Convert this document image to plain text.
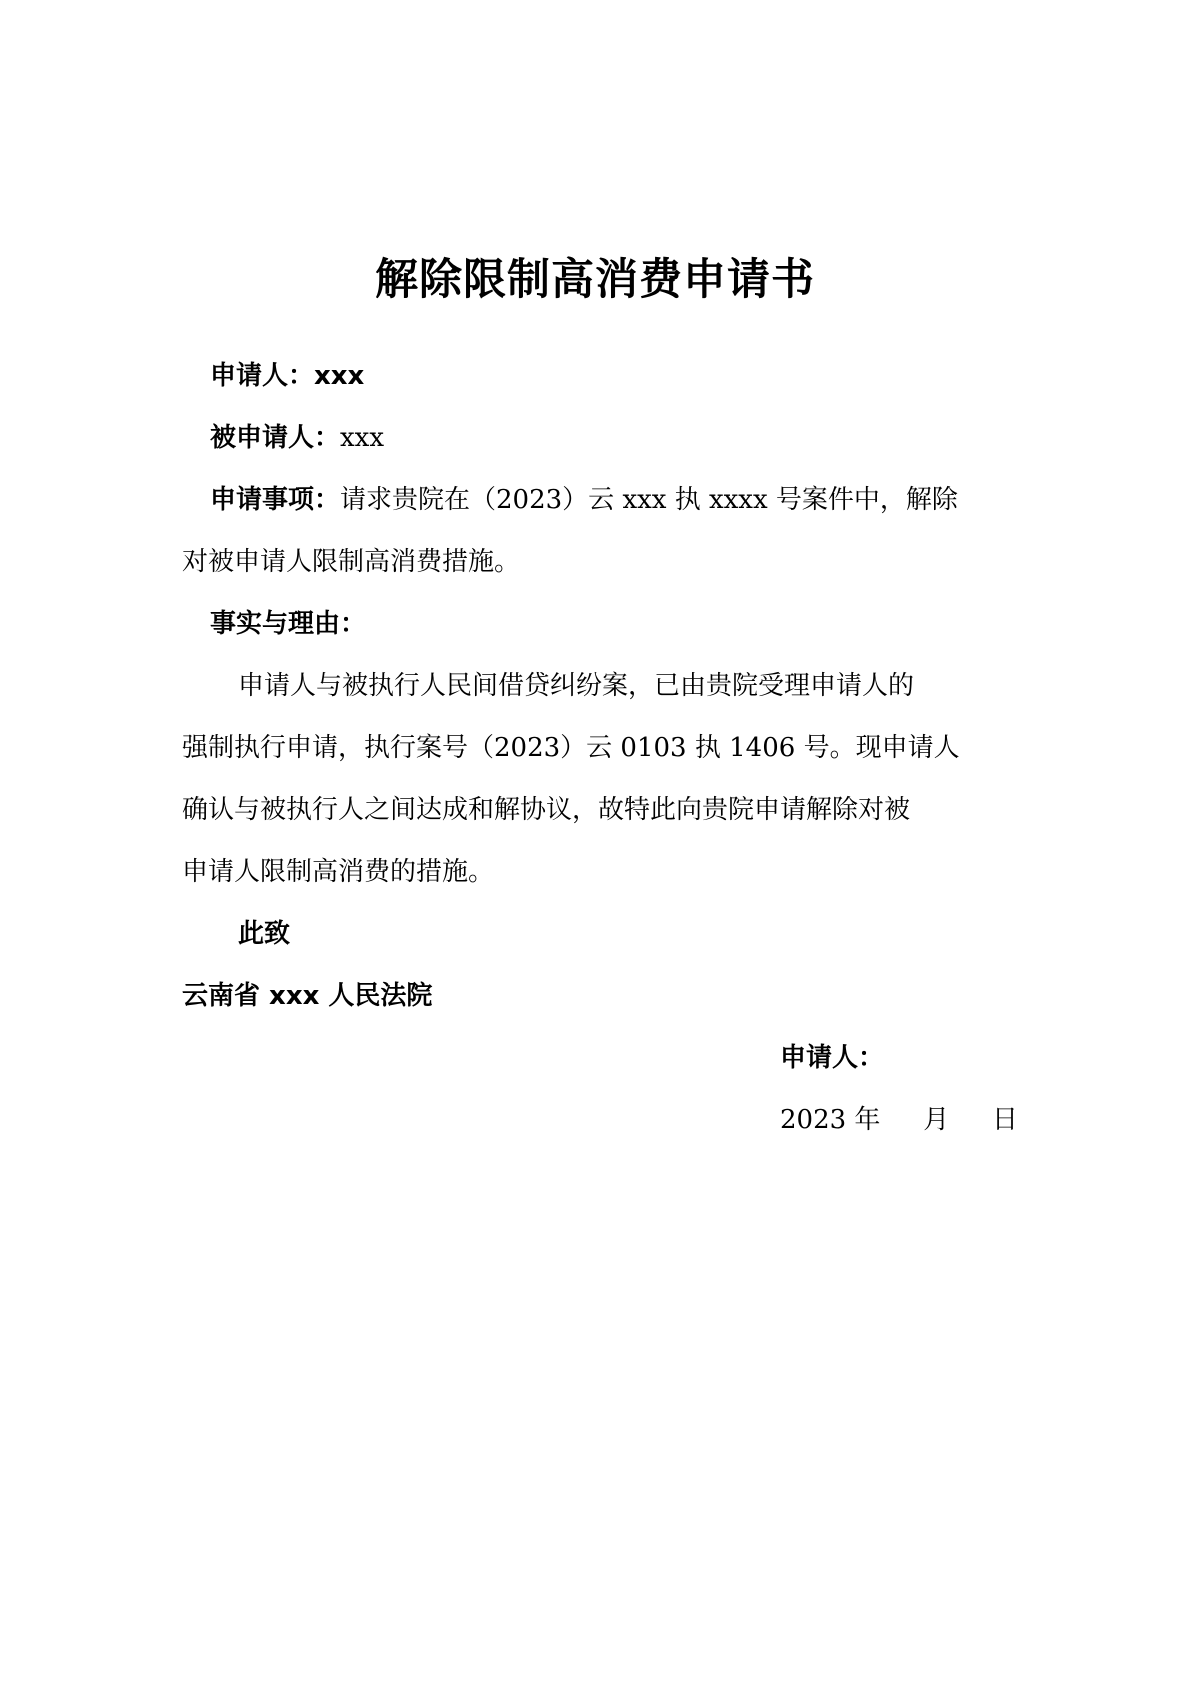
解除限制高消费申请书
申请人：xxx
被申请人：xxx
申请事项：请求贵院在（2023）云 xxx 执 xxxx 号案件中，解除
对被申请人限制高消费措施。
事实与理由：
申请人与被执行人民间借贷纠纷案，已由贵院受理申请人的
强制执行申请，执行案号（2023）云 0103 执 1406 号。现申请人
确认与被执行人之间达成和解协议，故特此向贵院申请解除对被
申请人限制高消费的措施。
此致
云南省 xxx 人民法院
申请人：
2023 年 月 日
